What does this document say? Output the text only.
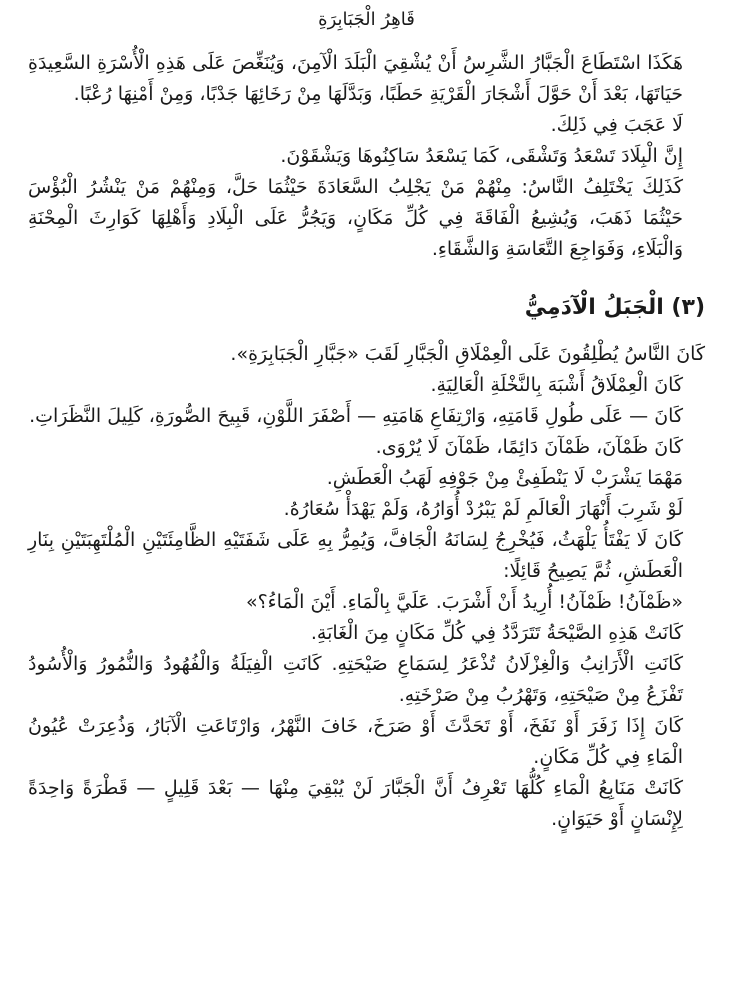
قَاهِرُ الْجَبَابِرَةِ

هَكَذَا اسْتَطَاعَ الْجَبَّارُ الشَّرِسُ أَنْ يُشْقِيَ الْبَلَدَ الْآمِنَ، وَيُنَغِّصَ عَلَى هَذِهِ الْأُسْرَةِ السَّعِيدَةِ حَيَاتَهَا، بَعْدَ أَنْ حَوَّلَ أَشْجَارَ الْقَرْيَةِ حَطَبًا، وَبَدَّلَهَا مِنْ رَخَائِهَا جَدْبًا، وَمِنْ أَمْنِهَا رُعْبًا.

لَا عَجَبَ فِي ذَلِكَ.

إِنَّ الْبِلَادَ تَسْعَدُ وَتَشْقَى، كَمَا يَسْعَدُ سَاكِنُوهَا وَيَشْقَوْنَ.

كَذَلِكَ يَخْتَلِفُ النَّاسُ: مِنْهُمْ مَنْ يَجْلِبُ السَّعَادَةَ حَيْثُمَا حَلَّ، وَمِنْهُمْ مَنْ يَنْشُرُ الْبُؤْسَ حَيْثُمَا ذَهَبَ، وَيُشِيعُ الْفَاقَةَ فِي كُلِّ مَكَانٍ، وَيَجُرُّ عَلَى الْبِلَادِ وَأَهْلِهَا كَوَارِثَ الْمِحْنَةِ وَالْبَلَاءِ، وَفَوَاجِعَ التَّعَاسَةِ وَالشَّقَاءِ.

(٣) الْجَبَلُ الْآدَمِيُّ

كَانَ النَّاسُ يُطْلِقُونَ عَلَى الْعِمْلَاقِ الْجَبَّارِ لَقَبَ «جَبَّارِ الْجَبَابِرَةِ».

كَانَ الْعِمْلَاقُ أَشْبَهَ بِالنَّخْلَةِ الْعَالِيَةِ.

كَانَ — عَلَى طُولِ قَامَتِهِ، وَارْتِفَاعِ هَامَتِهِ — أَصْفَرَ اللَّوْنِ، قَبِيحَ الصُّورَةِ، كَلِيلَ النَّظَرَاتِ.

كَانَ ظَمْآنَ، ظَمْآنَ دَائِمًا، ظَمْآنَ لَا يُرْوَى.

مَهْمَا يَشْرَبْ لَا يَنْطَفِئْ مِنْ جَوْفِهِ لَهَبُ الْعَطَشِ.

لَوْ شَرِبَ أَنْهَارَ الْعَالَمِ لَمْ يَبْرُدْ أُوَارُهُ، وَلَمْ يَهْدَأْ سُعَارُهُ.

كَانَ لَا يَفْتَأُ يَلْهَثُ، فَيُخْرِجُ لِسَانَهُ الْجَافَّ، وَيُمِرُّ بِهِ عَلَى شَفَتَيْهِ الظَّامِئَتَيْنِ الْمُلْتَهِبَتَيْنِ بِنَارِ الْعَطَشِ، ثُمَّ يَصِيحُ قَائِلًا:

«ظَمْآنُ! ظَمْآنُ! أُرِيدُ أَنْ أَشْرَبَ. عَلَيَّ بِالْمَاءِ. أَيْنَ الْمَاءُ؟»

كَانَتْ هَذِهِ الصَّيْحَةُ تَتَرَدَّدُ فِي كُلِّ مَكَانٍ مِنَ الْغَابَةِ.

كَانَتِ الْأَرَانِبُ وَالْغِزْلَانُ تُذْعَرُ لِسَمَاعِ صَيْحَتِهِ. كَانَتِ الْفِيَلَةُ وَالْفُهُودُ وَالنُّمُورُ وَالْأُسُودُ تَفْزَعُ مِنْ صَيْحَتِهِ، وَتَهْرُبُ مِنْ صَرْخَتِهِ.

كَانَ إِذَا زَفَرَ أَوْ نَفَخَ، أَوْ تَحَدَّثَ أَوْ صَرَخَ، خَافَ النَّهْرُ، وَارْتَاعَتِ الْآبَارُ، وَذُعِرَتْ عُيُونُ الْمَاءِ فِي كُلِّ مَكَانٍ.

كَانَتْ مَنَابِعُ الْمَاءِ كُلُّهَا تَعْرِفُ أَنَّ الْجَبَّارَ لَنْ يُبْقِيَ مِنْهَا — بَعْدَ قَلِيلٍ — قَطْرَةً وَاحِدَةً لِإِنْسَانٍ أَوْ حَيَوَانٍ.
